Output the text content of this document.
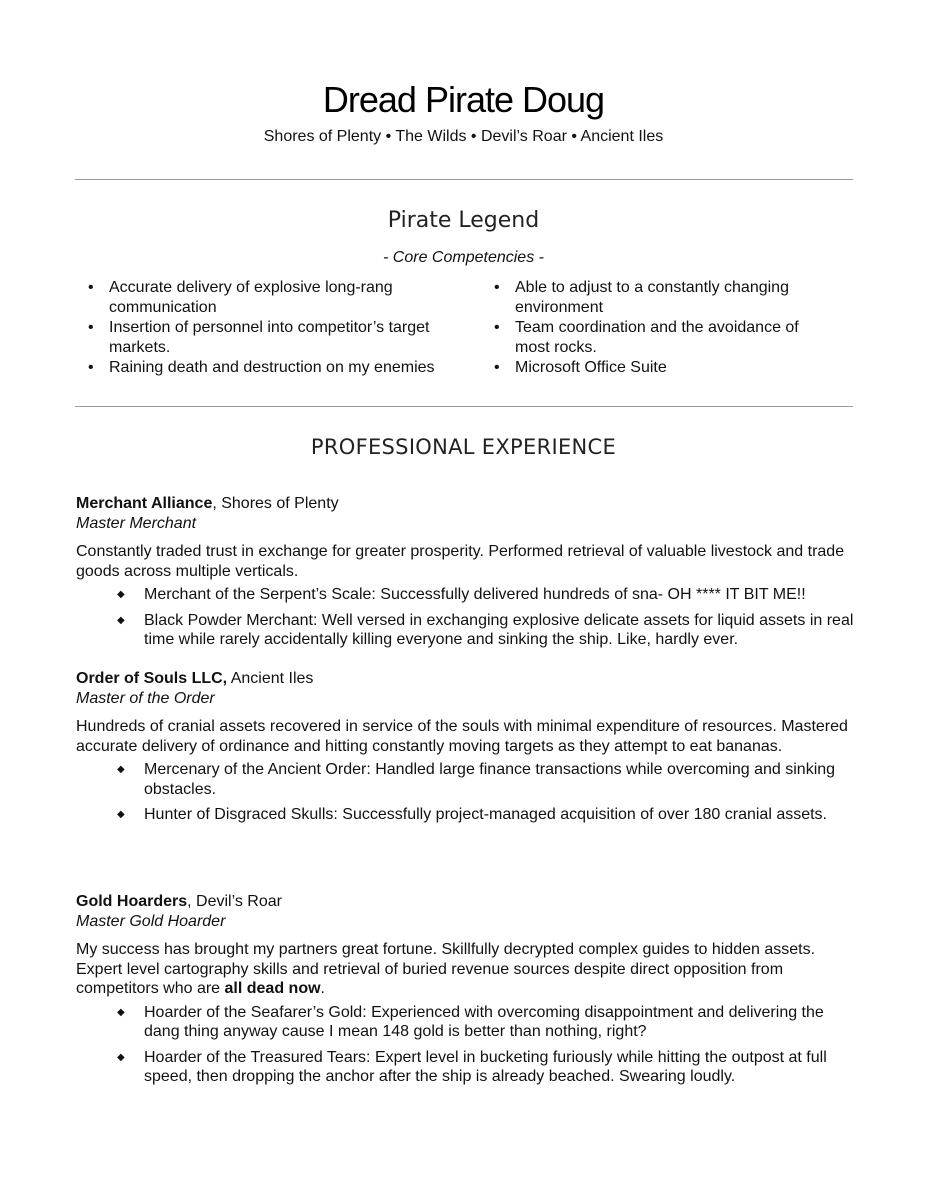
Dread Pirate Doug
Shores of Plenty • The Wilds • Devil’s Roar • Ancient Iles
Pirate Legend
- Core Competencies -
• Accurate delivery of explosive long-rang communication
• Insertion of personnel into competitor’s target markets.
• Raining death and destruction on my enemies
• Able to adjust to a constantly changing environment
• Team coordination and the avoidance of most rocks.
• Microsoft Office Suite
PROFESSIONAL EXPERIENCE

Merchant Alliance, Shores of Plenty

Master Merchant

Constantly traded trust in exchange for greater prosperity. Performed retrieval of valuable livestock and trade goods across multiple verticals.

◆ Merchant of the Serpent’s Scale: Successfully delivered hundreds of sna- OH **** IT BIT ME!!
◆ Black Powder Merchant: Well versed in exchanging explosive delicate assets for liquid assets in real time while rarely accidentally killing everyone and sinking the ship. Like, hardly ever.

Order of Souls LLC, Ancient Iles

Master of the Order

Hundreds of cranial assets recovered in service of the souls with minimal expenditure of resources. Mastered accurate delivery of ordinance and hitting constantly moving targets as they attempt to eat bananas.

◆ Mercenary of the Ancient Order: Handled large finance transactions while overcoming and sinking obstacles.
◆ Hunter of Disgraced Skulls: Successfully project-managed acquisition of over 180 cranial assets.

Gold Hoarders, Devil’s Roar

Master Gold Hoarder

My success has brought my partners great fortune. Skillfully decrypted complex guides to hidden assets. Expert level cartography skills and retrieval of buried revenue sources despite direct opposition from competitors who are all dead now.

◆ Hoarder of the Seafarer’s Gold: Experienced with overcoming disappointment and delivering the dang thing anyway cause I mean 148 gold is better than nothing, right?
◆ Hoarder of the Treasured Tears: Expert level in bucketing furiously while hitting the outpost at full speed, then dropping the anchor after the ship is already beached. Swearing loudly.
